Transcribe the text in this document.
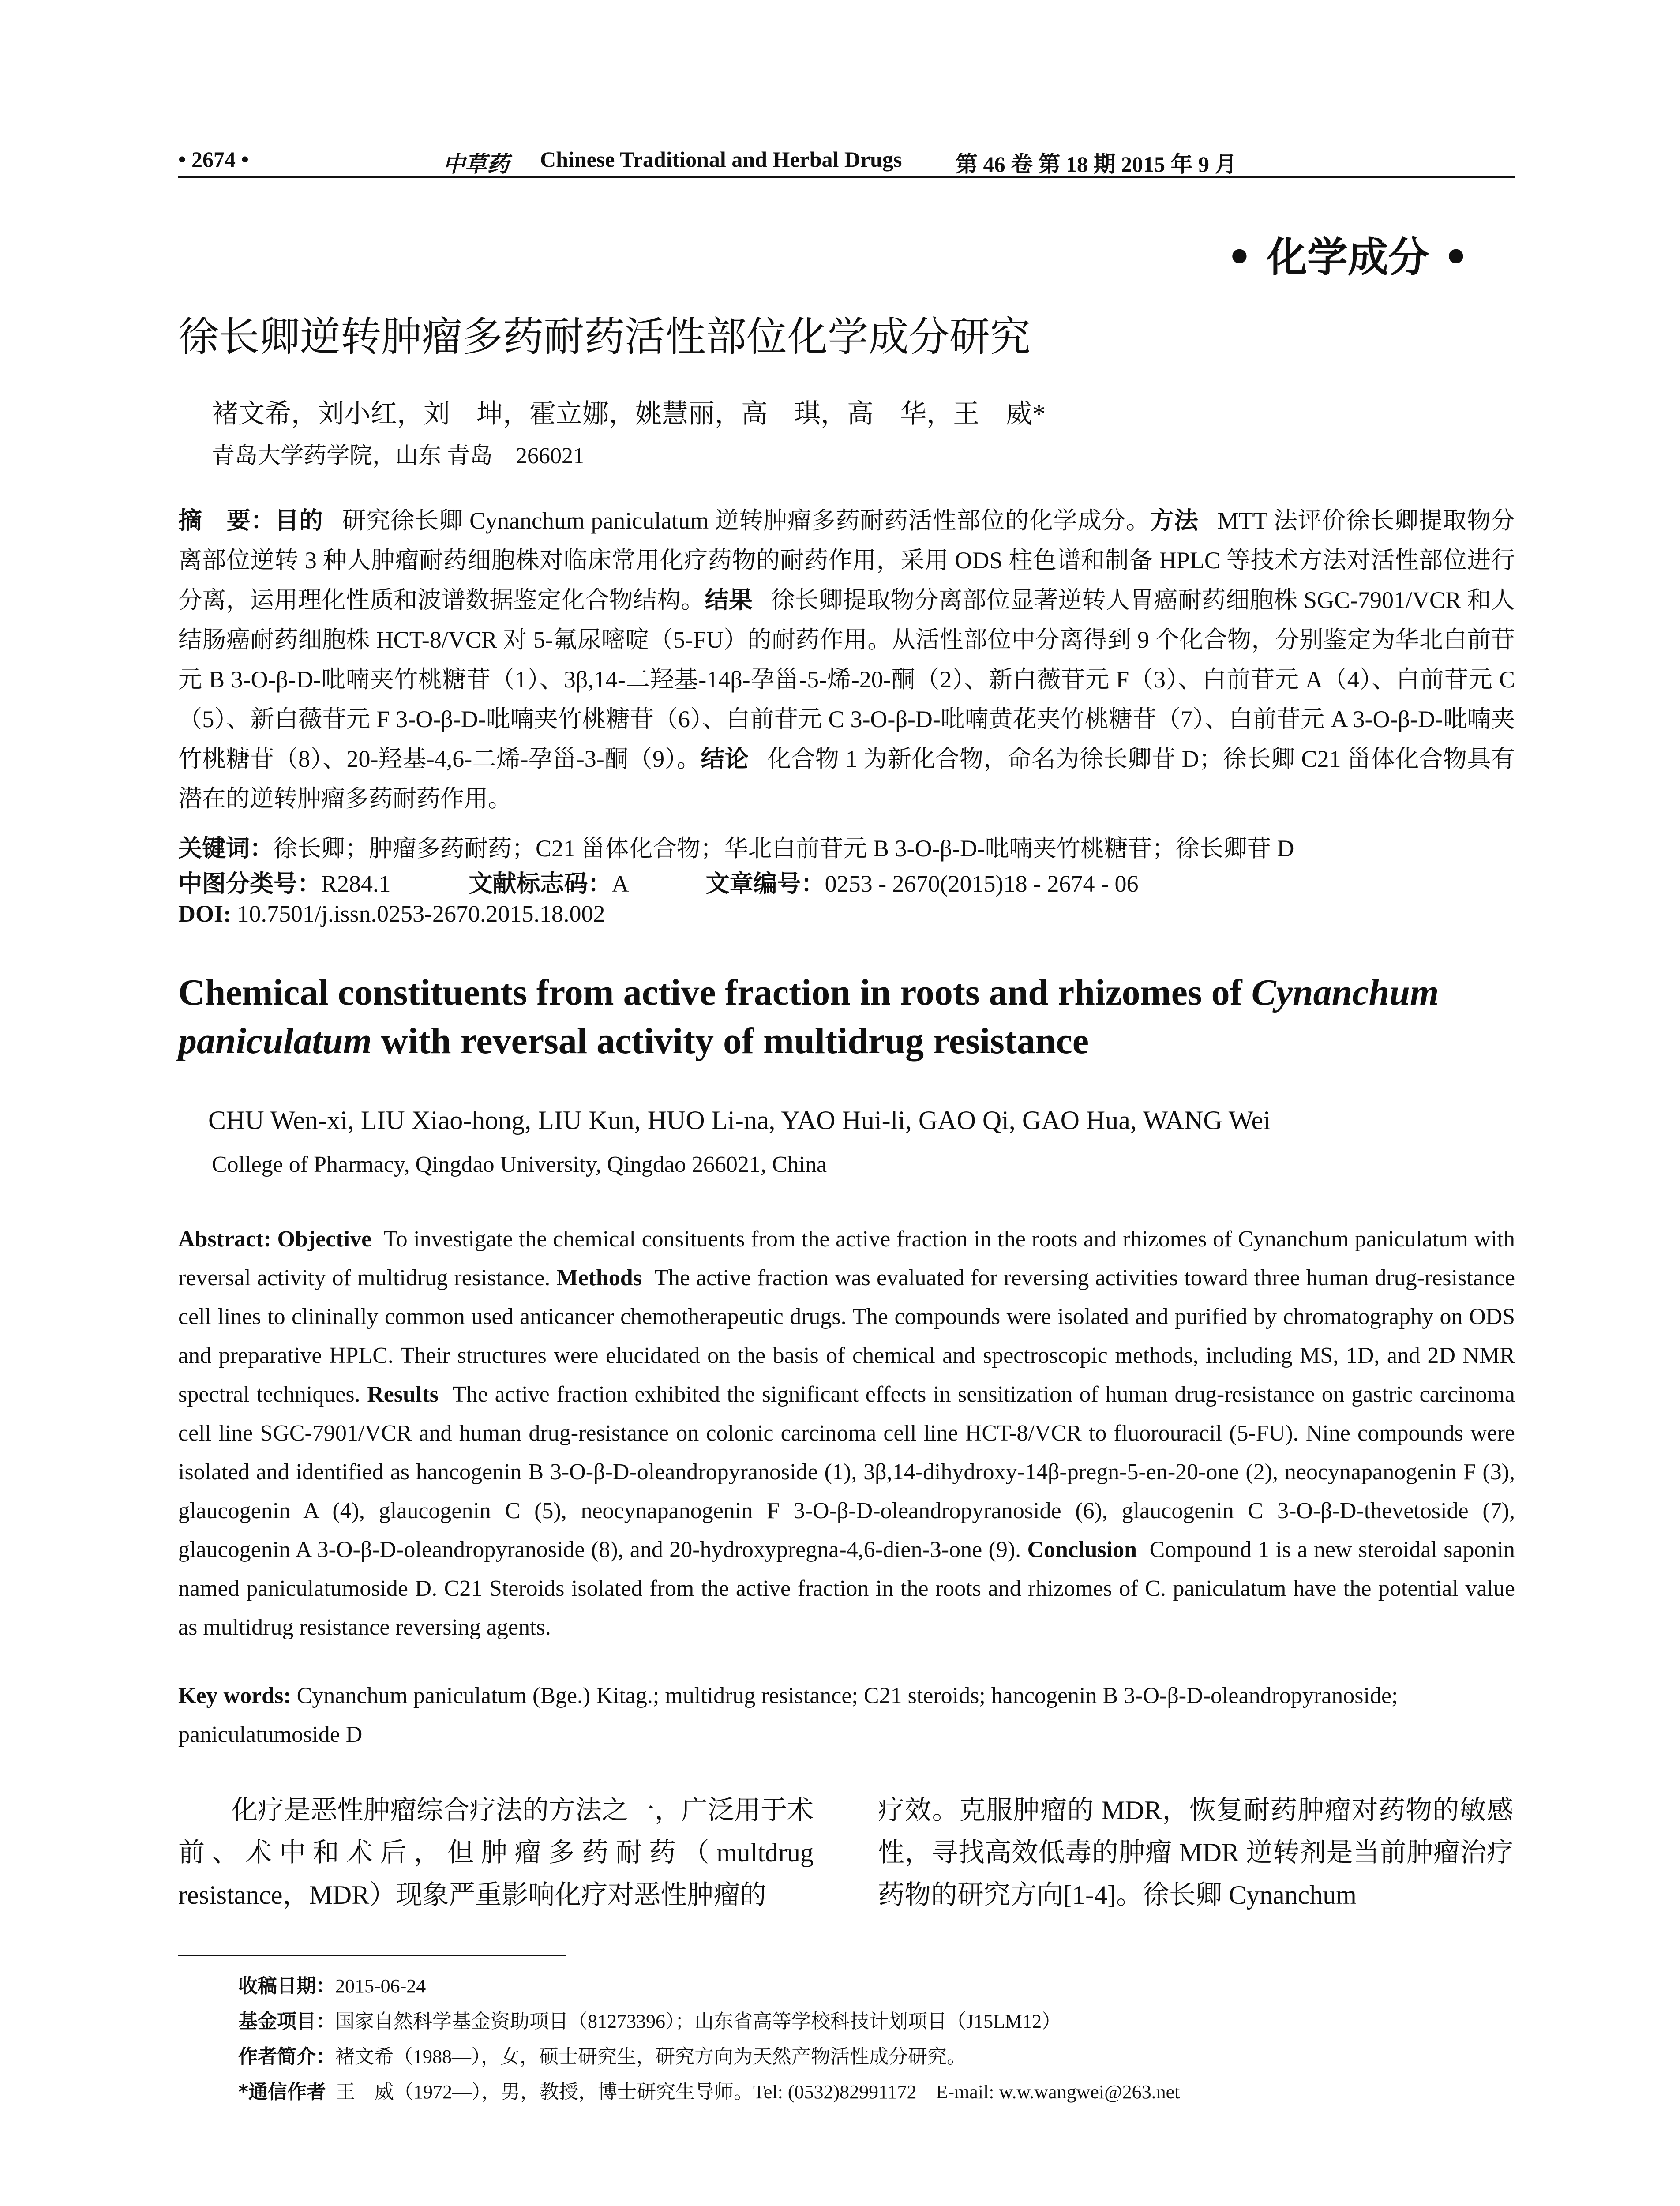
• 2674 •	中草药 Chinese Traditional and Herbal Drugs 第 46 卷 第 18 期 2015 年 9 月
• 化学成分 •
徐长卿逆转肿瘤多药耐药活性部位化学成分研究
褚文希，刘小红，刘　坤，霍立娜，姚慧丽，高　琪，高　华，王　威*
青岛大学药学院，山东 青岛　266021
摘　要：目的 研究徐长卿 Cynanchum paniculatum 逆转肿瘤多药耐药活性部位的化学成分。方法 MTT 法评价徐长卿提取物分离部位逆转 3 种人肿瘤耐药细胞株对临床常用化疗药物的耐药作用，采用 ODS 柱色谱和制备 HPLC 等技术方法对活性部位进行分离，运用理化性质和波谱数据鉴定化合物结构。结果 徐长卿提取物分离部位显著逆转人胃癌耐药细胞株 SGC-7901/VCR 和人结肠癌耐药细胞株 HCT-8/VCR 对 5-氟尿嘧啶（5-FU）的耐药作用。从活性部位中分离得到 9 个化合物，分别鉴定为华北白前苷元 B 3-O-β-D-吡喃夹竹桃糖苷（1）、3β,14-二羟基-14β-孕甾-5-烯-20-酮（2）、新白薇苷元 F（3）、白前苷元 A（4）、白前苷元 C（5）、新白薇苷元 F 3-O-β-D-吡喃夹竹桃糖苷（6）、白前苷元 C 3-O-β-D-吡喃黄花夹竹桃糖苷（7）、白前苷元 A 3-O-β-D-吡喃夹竹桃糖苷（8）、20-羟基-4,6-二烯-孕甾-3-酮（9）。结论 化合物 1 为新化合物，命名为徐长卿苷 D；徐长卿 C21 甾体化合物具有潜在的逆转肿瘤多药耐药作用。
关键词：徐长卿；肿瘤多药耐药；C21 甾体化合物；华北白前苷元 B 3-O-β-D-吡喃夹竹桃糖苷；徐长卿苷 D
中图分类号：R284.1	文献标志码：A	文章编号：0253 - 2670(2015)18 - 2674 - 06
DOI: 10.7501/j.issn.0253-2670.2015.18.002
Chemical constituents from active fraction in roots and rhizomes of Cynanchum paniculatum with reversal activity of multidrug resistance
CHU Wen-xi, LIU Xiao-hong, LIU Kun, HUO Li-na, YAO Hui-li, GAO Qi, GAO Hua, WANG Wei
College of Pharmacy, Qingdao University, Qingdao 266021, China
Abstract: Objective To investigate the chemical consituents from the active fraction in the roots and rhizomes of Cynanchum paniculatum with reversal activity of multidrug resistance. Methods The active fraction was evaluated for reversing activities toward three human drug-resistance cell lines to clininally common used anticancer chemotherapeutic drugs. The compounds were isolated and purified by chromatography on ODS and preparative HPLC. Their structures were elucidated on the basis of chemical and spectroscopic methods, including MS, 1D, and 2D NMR spectral techniques. Results The active fraction exhibited the significant effects in sensitization of human drug-resistance on gastric carcinoma cell line SGC-7901/VCR and human drug-resistance on colonic carcinoma cell line HCT-8/VCR to fluorouracil (5-FU). Nine compounds were isolated and identified as hancogenin B 3-O-β-D-oleandropyranoside (1), 3β,14-dihydroxy-14β-pregn-5-en-20-one (2), neocynapanogenin F (3), glaucogenin A (4), glaucogenin C (5), neocynapanogenin F 3-O-β-D-oleandropyranoside (6), glaucogenin C 3-O-β-D-thevetoside (7), glaucogenin A 3-O-β-D-oleandropyranoside (8), and 20-hydroxypregna-4,6-dien-3-one (9). Conclusion Compound 1 is a new steroidal saponin named paniculatumoside D. C21 Steroids isolated from the active fraction in the roots and rhizomes of C. paniculatum have the potential value as multidrug resistance reversing agents.
Key words: Cynanchum paniculatum (Bge.) Kitag.; multidrug resistance; C21 steroids; hancogenin B 3-O-β-D-oleandropyranoside; paniculatumoside D
化疗是恶性肿瘤综合疗法的方法之一，广泛用于术前、术中和术后，但肿瘤多药耐药（multdrug resistance，MDR）现象严重影响化疗对恶性肿瘤的
疗效。克服肿瘤的 MDR，恢复耐药肿瘤对药物的敏感性，寻找高效低毒的肿瘤 MDR 逆转剂是当前肿瘤治疗药物的研究方向[1-4]。徐长卿 Cynanchum
收稿日期：2015-06-24
基金项目：国家自然科学基金资助项目（81273396）；山东省高等学校科技计划项目（J15LM12）
作者简介：褚文希（1988—），女，硕士研究生，研究方向为天然产物活性成分研究。
*通信作者 王　威（1972—），男，教授，博士研究生导师。Tel: (0532)82991172　E-mail: w.w.wangwei@263.net
